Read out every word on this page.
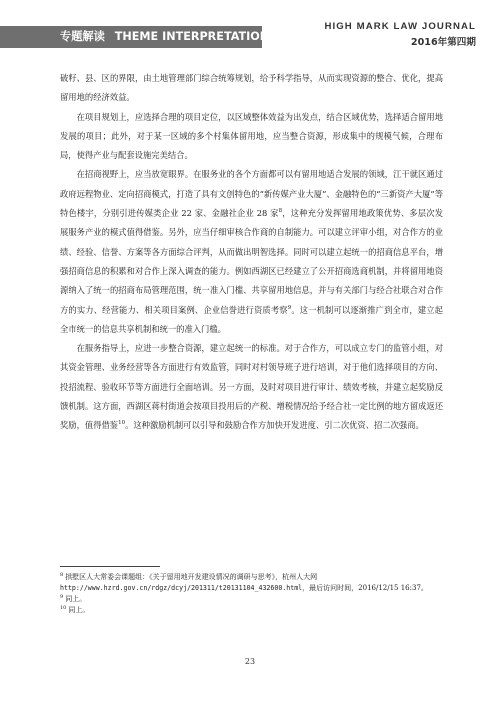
专题解读 THEME INTERPRETATION
HIGH MARK LAW JOURNAL
2016年第四期

破籽、县、区的界限，由土地管理部门综合统筹规划，给予科学指导，从而实现资源的整合、优化，提高留用地的经济效益。

在项目规划上，应选择合理的项目定位，以区域整体效益为出发点，结合区域优势，选择适合留用地发展的项目；此外，对于某一区域的多个村集体留用地，应当整合资源，形成集中的规模气候，合理布局，使得产业与配套设施完美结合。

在招商视野上，应当放宽眼界。在服务业的各个方面都可以有留用地适合发展的领域，江干就区通过政府远程物业、定向招商模式，打造了具有文创特色的“新传媒产业大厦”、金融特色的“三新资产大厦”等特色楼宇，分别引进传媒类企业 22 家、金融社企业 28 家$^8$，这种充分发挥留用地政策优势、多层次发展服务产业的模式值得借鉴。另外，应当仔细审核合作商的自制能力。可以建立评审小组，对合作方的业绩、经验、信誉、方案等各方面综合评判，从而做出明智选择。同时可以建立起统一的招商信息平台，增强招商信息的积累和对合作上深入调查的能力。例如西湖区已经建立了公开招商选商机制，并将留用地资源纳入了统一的招商布局管理范围，统一准入门槛、共享留用地信息，并与有关部门与经合社联合对合作方的实力、经营能力、相关项目案例、企业信誉进行资质考察$^9$。这一机制可以逐渐推广到全市，建立起全市统一的信息共享机制和统一的准入门槛。

在服务指导上，应进一步整合资源，建立起统一的标准。对于合作方，可以成立专门的监管小组，对其资金管理、业务经营等各方面进行有效监管，同时对村领导班子进行培训，对于他们选择项目的方向、投招流程、验收环节等方面进行全面培训。另一方面，及时对项目进行审计、绩效考核，并建立起奖励反馈机制。这方面，西湖区蒋村街道会按项目投用后的产税、增税情况给予经合社一定比例的地方留成返还奖励，值得借鉴$^{10}$。这种激励机制可以引导和鼓励合作方加快开发进度、引二次优资、招二次强商。

$^8$ 拱墅区人大常委会课题组：《关于留用地开发建设情况的调研与思考》，杭州人大网
http://www.hzrd.gov.cn/rdgz/dcyj/201311/t20131104_432600.html，最后访问时间，2016/12/15 16:37。
$^9$ 同上。
$^{10}$ 同上。
23
